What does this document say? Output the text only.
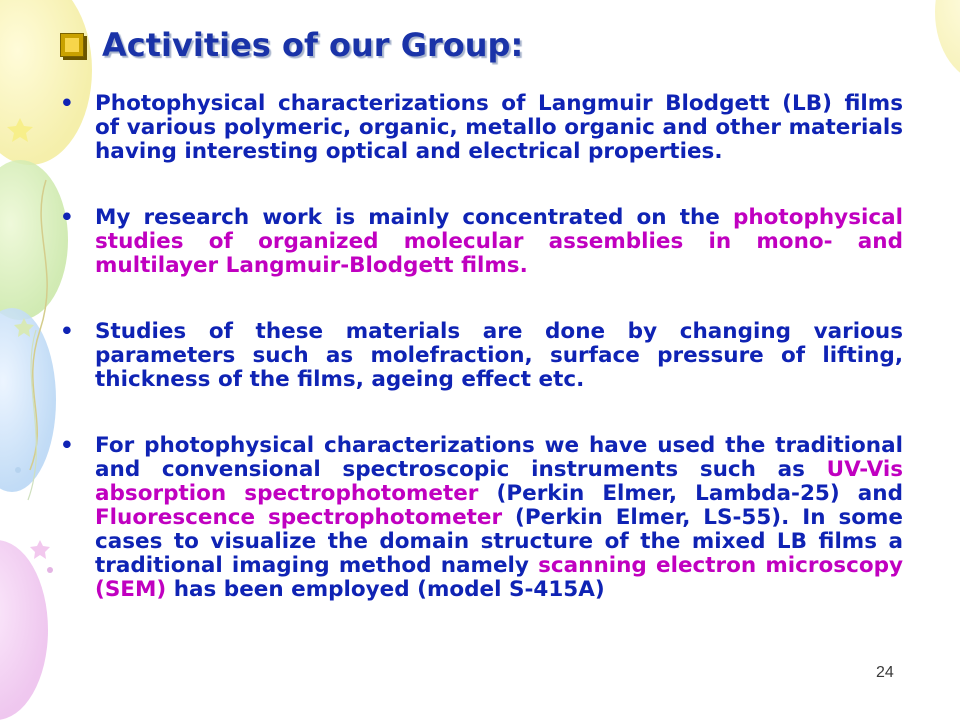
Activities of our Group:
• Photophysical characterizations of Langmuir Blodgett (LB) films of various polymeric, organic, metallo organic and other materials having interesting optical and electrical properties.
• My research work is mainly concentrated on the photophysical studies of organized molecular assemblies in mono- and multilayer Langmuir-Blodgett films.
• Studies of these materials are done by changing various parameters such as molefraction, surface pressure of lifting, thickness of the films, ageing effect etc.
• For photophysical characterizations we have used the traditional and convensional spectroscopic instruments such as UV-Vis absorption spectrophotometer (Perkin Elmer, Lambda-25) and Fluorescence spectrophotometer (Perkin Elmer, LS-55). In some cases to visualize the domain structure of the mixed LB films a traditional imaging method namely scanning electron microscopy (SEM) has been employed (model S-415A)
24
